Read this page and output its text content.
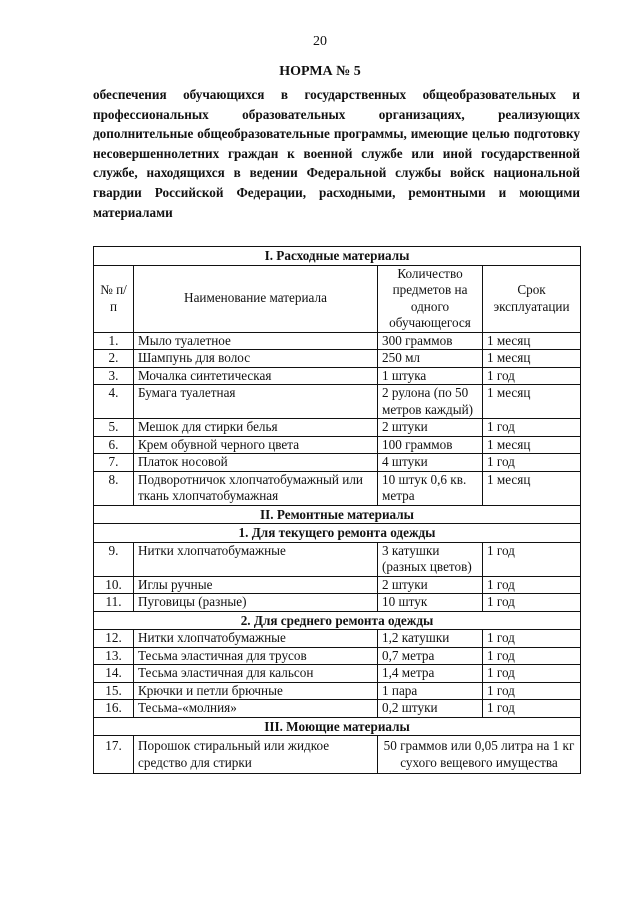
20
НОРМА № 5
обеспечения обучающихся в государственных общеобразовательных и профессиональных образовательных организациях, реализующих дополнительные общеобразовательные программы, имеющие целью подготовку несовершеннолетних граждан к военной службе или иной государственной службе, находящихся в ведении Федеральной службы войск национальной гвардии Российской Федерации, расходными, ремонтными и моющими материалами
I. Расходные материалы			
№ п/п	Наименование материала	Количество предметов на одного обучающегося	Срок эксплуатации
1.	Мыло туалетное	300 граммов	1 месяц
2.	Шампунь для волос	250 мл	1 месяц
3.	Мочалка синтетическая	1 штука	1 год
4.	Бумага туалетная	2 рулона (по 50 метров каждый)	1 месяц
5.	Мешок для стирки белья	2 штуки	1 год
6.	Крем обувной черного цвета	100 граммов	1 месяц
7.	Платок носовой	4 штуки	1 год
8.	Подворотничок хлопчатобумажный или ткань хлопчатобумажная	10 штук 0,6 кв. метра	1 месяц
II. Ремонтные материалы			
1. Для текущего ремонта одежды			
9.	Нитки хлопчатобумажные	3 катушки (разных цветов)	1 год
10.	Иглы ручные	2 штуки	1 год
11.	Пуговицы (разные)	10 штук	1 год
2. Для среднего ремонта одежды			
12.	Нитки хлопчатобумажные	1,2 катушки	1 год
13.	Тесьма эластичная для трусов	0,7 метра	1 год
14.	Тесьма эластичная для кальсон	1,4 метра	1 год
15.	Крючки и петли брючные	1 пара	1 год
16.	Тесьма-«молния»	0,2 штуки	1 год
III. Моющие материалы			
17.	Порошок стиральный или жидкое средство для стирки	50 граммов или 0,05 литра на 1 кг сухого вещевого имущества	
